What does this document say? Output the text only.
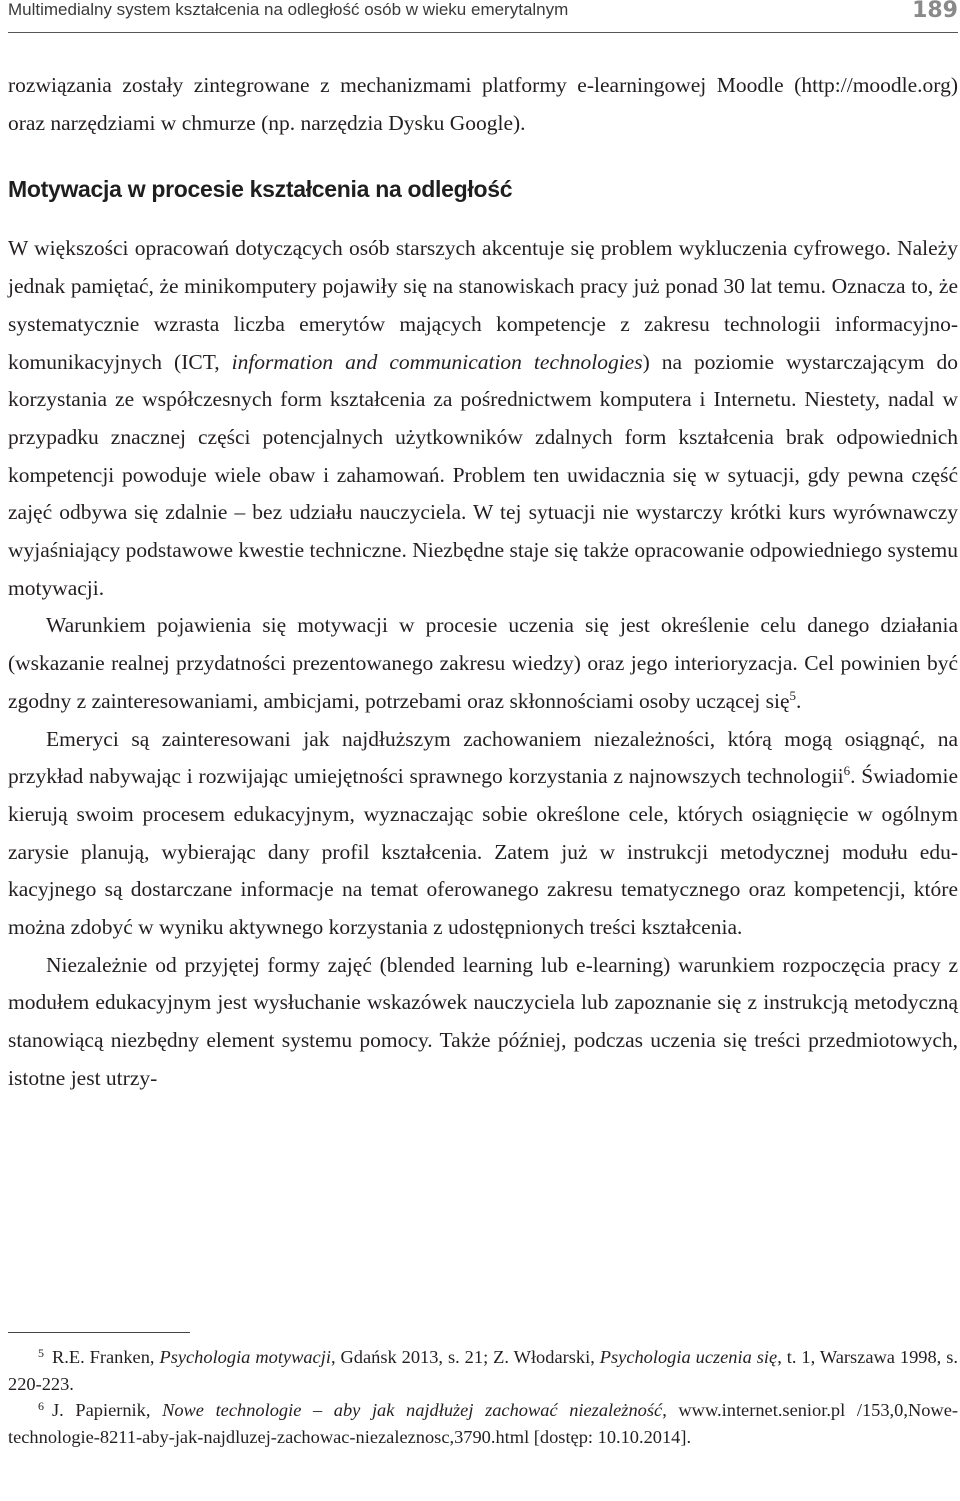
Multimedialny system kształcenia na odległość osób w wieku emerytalnym	189

rozwiązania zostały zintegrowane z mechanizmami platformy e-learningowej Moodle (http://moodle.org) oraz narzędziami w chmurze (np. narzędzia Dysku Google).

Motywacja w procesie kształcenia na odległość

W większości opracowań dotyczących osób starszych akcentuje się problem wykluczenia cyfrowego. Należy jednak pamiętać, że minikomputery pojawiły się na stanowiskach pracy już ponad 30 lat temu. Oznacza to, że systematycznie wzrasta liczba emerytów mających kompetencje z zakresu technologii informacyjno-komunikacyjnych (ICT, information and communication technologies) na poziomie wystarczającym do korzystania ze współczesnych form kształcenia za pośrednictwem komputera i Internetu. Niestety, nadal w przypadku znacznej części potencjalnych użytkowników zdalnych form kształcenia brak odpowiednich kompetencji powoduje wiele obaw i zahamowań. Problem ten uwidacznia się w sytuacji, gdy pewna część zajęć odbywa się zdalnie – bez udziału nauczyciela. W tej sytuacji nie wystarczy krótki kurs wyrównawczy wyjaśniający podstawowe kwestie techniczne. Niezbędne staje się także opracowanie odpowiedniego systemu motywacji.

Warunkiem pojawienia się motywacji w procesie uczenia się jest określenie celu danego działania (wskazanie realnej przydatności prezentowanego zakresu wiedzy) oraz jego interioryzacja. Cel powinien być zgodny z zainteresowaniami, ambicjami, potrzebami oraz skłonnościami osoby uczącej się$^5$.

Emeryci są zainteresowani jak najdłuższym zachowaniem niezależności, którą mogą osiągnąć, na przykład nabywając i rozwijając umiejętności sprawnego korzystania z najnowszych technologii$^6$. Świadomie kierują swoim procesem edukacyjnym, wyznaczając sobie określone cele, których osiągnięcie w ogólnym zarysie planują, wybierając dany profil kształcenia. Zatem już w instrukcji metodycznej modułu edukacyjnego są dostarczane informacje na temat oferowanego zakresu tematycznego oraz kompetencji, które można zdobyć w wyniku aktywnego korzystania z udostępnionych treści kształcenia.

Niezależnie od przyjętej formy zajęć (blended learning lub e-learning) warunkiem rozpoczęcia pracy z modułem edukacyjnym jest wysłuchanie wskazówek nauczyciela lub zapoznanie się z instrukcją metodyczną stanowiącą niezbędny element systemu pomocy. Także później, podczas uczenia się treści przedmiotowych, istotne jest utrzy-

$^5$ R.E. Franken, Psychologia motywacji, Gdańsk 2013, s. 21; Z. Włodarski, Psychologia uczenia się, t. 1, Warszawa 1998, s. 220-223.

$^6$ J. Papiernik, Nowe technologie – aby jak najdłużej zachować niezależność, www.internet.senior.pl /153,0,Nowe-technologie-8211-aby-jak-najdluzej-zachowac-niezaleznosc,3790.html [dostęp: 10.10.2014].
